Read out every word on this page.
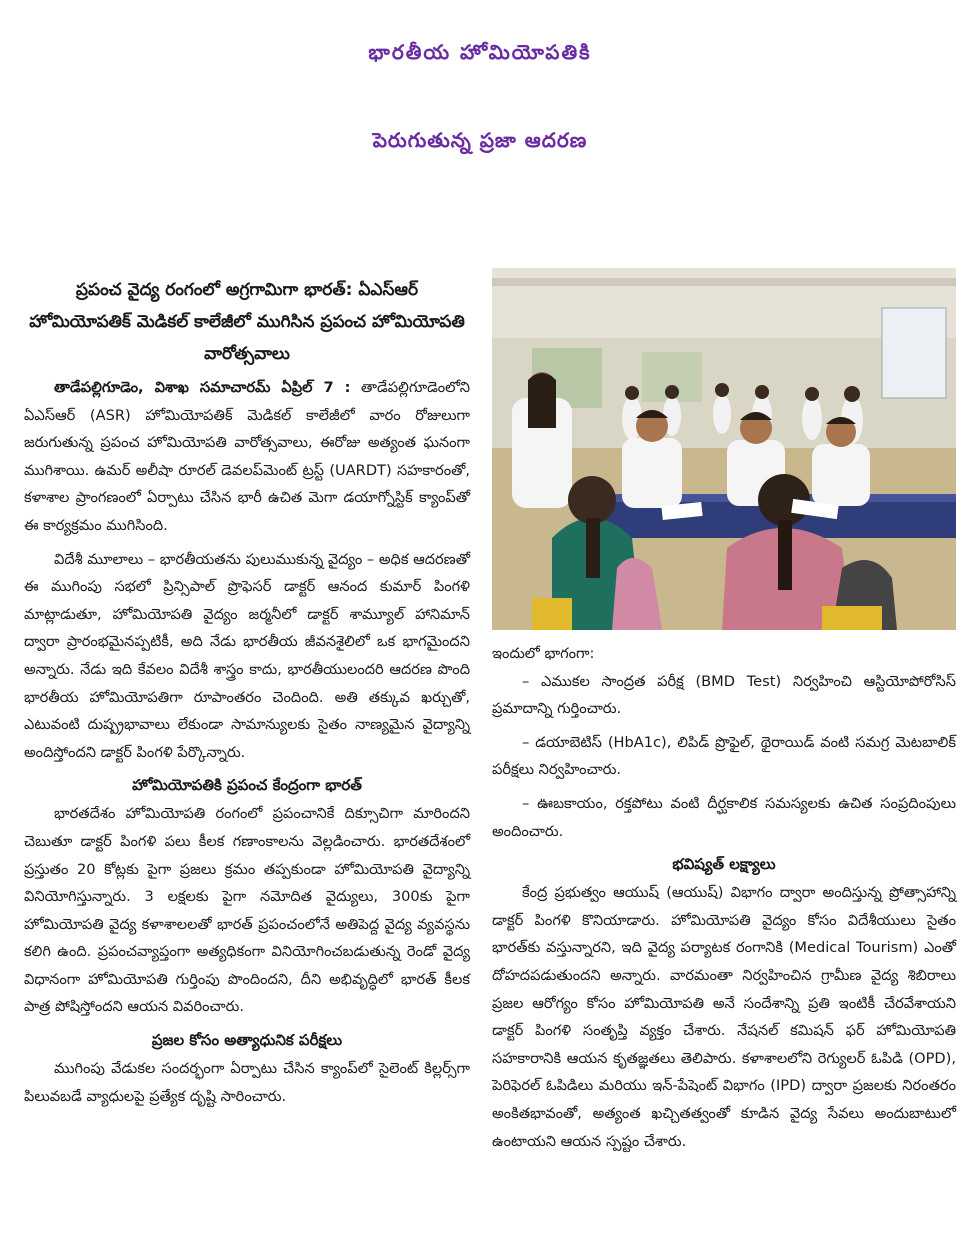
భారతీయ హోమియోపతికి
పెరుగుతున్న ప్రజా ఆదరణ
ప్రపంచ వైద్య రంగంలో అగ్రగామిగా భారత్: ఏఎస్ఆర్ హోమియోపతిక్ మెడికల్ కాలేజీలో ముగిసిన ప్రపంచ హోమియోపతి వారోత్సవాలు

తాడేపల్లిగూడెం, విశాఖ సమాచారమ్ ఏప్రిల్ 7 : తాడేపల్లిగూడెంలోని ఏఎస్ఆర్ (ASR) హోమియోపతిక్ మెడికల్ కాలేజీలో వారం రోజులుగా జరుగుతున్న ప్రపంచ హోమియోపతి వారోత్సవాలు, ఈరోజు అత్యంత ఘనంగా ముగిశాయి. ఉమర్ అలీషా రూరల్ డెవలప్‌మెంట్ ట్రస్ట్ (UARDT) సహకారంతో, కళాశాల ప్రాంగణంలో ఏర్పాటు చేసిన భారీ ఉచిత మెగా డయాగ్నోస్టిక్ క్యాంప్‌తో ఈ కార్యక్రమం ముగిసింది.

విదేశీ మూలాలు – భారతీయతను పులుముకున్న వైద్యం – అధిక ఆదరణతో ఈ ముగింపు సభలో ప్రిన్సిపాల్ ప్రొఫెసర్ డాక్టర్ ఆనంద కుమార్ పింగళి మాట్లాడుతూ, హోమియోపతి వైద్యం జర్మనీలో డాక్టర్ శామ్యూల్ హానిమాన్ ద్వారా ప్రారంభమైనప్పటికీ, అది నేడు భారతీయ జీవనశైలిలో ఒక భాగమైందని అన్నారు. నేడు ఇది కేవలం విదేశీ శాస్త్రం కాదు, భారతీయులందరి ఆదరణ పొంది భారతీయ హోమియోపతిగా రూపాంతరం చెందింది. అతి తక్కువ ఖర్చుతో, ఎటువంటి దుష్ప్రభావాలు లేకుండా సామాన్యులకు సైతం నాణ్యమైన వైద్యాన్ని అందిస్తోందని డాక్టర్ పింగళి పేర్కొన్నారు.

హోమియోపతికి ప్రపంచ కేంద్రంగా భారత్

భారతదేశం హోమియోపతి రంగంలో ప్రపంచానికే దిక్సూచిగా మారిందని చెబుతూ డాక్టర్ పింగళి పలు కీలక గణాంకాలను వెల్లడించారు. భారతదేశంలో ప్రస్తుతం 20 కోట్లకు పైగా ప్రజలు క్రమం తప్పకుండా హోమియోపతి వైద్యాన్ని వినియోగిస్తున్నారు. 3 లక్షలకు పైగా నమోదిత వైద్యులు, 300కు పైగా హోమియోపతి వైద్య కళాశాలలతో భారత్ ప్రపంచంలోనే అతిపెద్ద వైద్య వ్యవస్థను కలిగి ఉంది. ప్రపంచవ్యాప్తంగా అత్యధికంగా వినియోగించబడుతున్న రెండో వైద్య విధానంగా హోమియోపతి గుర్తింపు పొందిందని, దీని అభివృద్ధిలో భారత్ కీలక పాత్ర పోషిస్తోందని ఆయన వివరించారు.

ప్రజల కోసం అత్యాధునిక పరీక్షలు

ముగింపు వేడుకల సందర్భంగా ఏర్పాటు చేసిన క్యాంప్‌లో సైలెంట్ కిల్లర్స్‌గా పిలువబడే వ్యాధులపై ప్రత్యేక దృష్టి సారించారు.

ఇందులో భాగంగా:

– ఎముకల సాంద్రత పరీక్ష (BMD Test) నిర్వహించి ఆస్టియోపోరోసిస్ ప్రమాదాన్ని గుర్తించారు.

– డయాబెటిస్ (HbA1c), లిపిడ్ ప్రొఫైల్, థైరాయిడ్ వంటి సమగ్ర మెటబాలిక్ పరీక్షలు నిర్వహించారు.

– ఊబకాయం, రక్తపోటు వంటి దీర్ఘకాలిక సమస్యలకు ఉచిత సంప్రదింపులు అందించారు.

భవిష్యత్ లక్ష్యాలు

కేంద్ర ప్రభుత్వం ఆయుష్ (ఆయుష్) విభాగం ద్వారా అందిస్తున్న ప్రోత్సాహాన్ని డాక్టర్ పింగళి కొనియాడారు. హోమియోపతి వైద్యం కోసం విదేశీయులు సైతం భారత్‌కు వస్తున్నారని, ఇది వైద్య పర్యాటక రంగానికి (Medical Tourism) ఎంతో దోహదపడుతుందని అన్నారు. వారమంతా నిర్వహించిన గ్రామీణ వైద్య శిబిరాలు ప్రజల ఆరోగ్యం కోసం హోమియోపతి అనే సందేశాన్ని ప్రతి ఇంటికీ చేరవేశాయని డాక్టర్ పింగళి సంతృప్తి వ్యక్తం చేశారు. నేషనల్ కమిషన్ ఫర్ హోమియోపతి సహకారానికి ఆయన కృతజ్ఞతలు తెలిపారు. కళాశాలలోని రెగ్యులర్ ఓపిడి (OPD), పెరిఫెరల్ ఓపిడిలు మరియు ఇన్-పేషెంట్ విభాగం (IPD) ద్వారా ప్రజలకు నిరంతరం అంకితభావంతో, అత్యంత ఖచ్చితత్వంతో కూడిన వైద్య సేవలు అందుబాటులో ఉంటాయని ఆయన స్పష్టం చేశారు.
